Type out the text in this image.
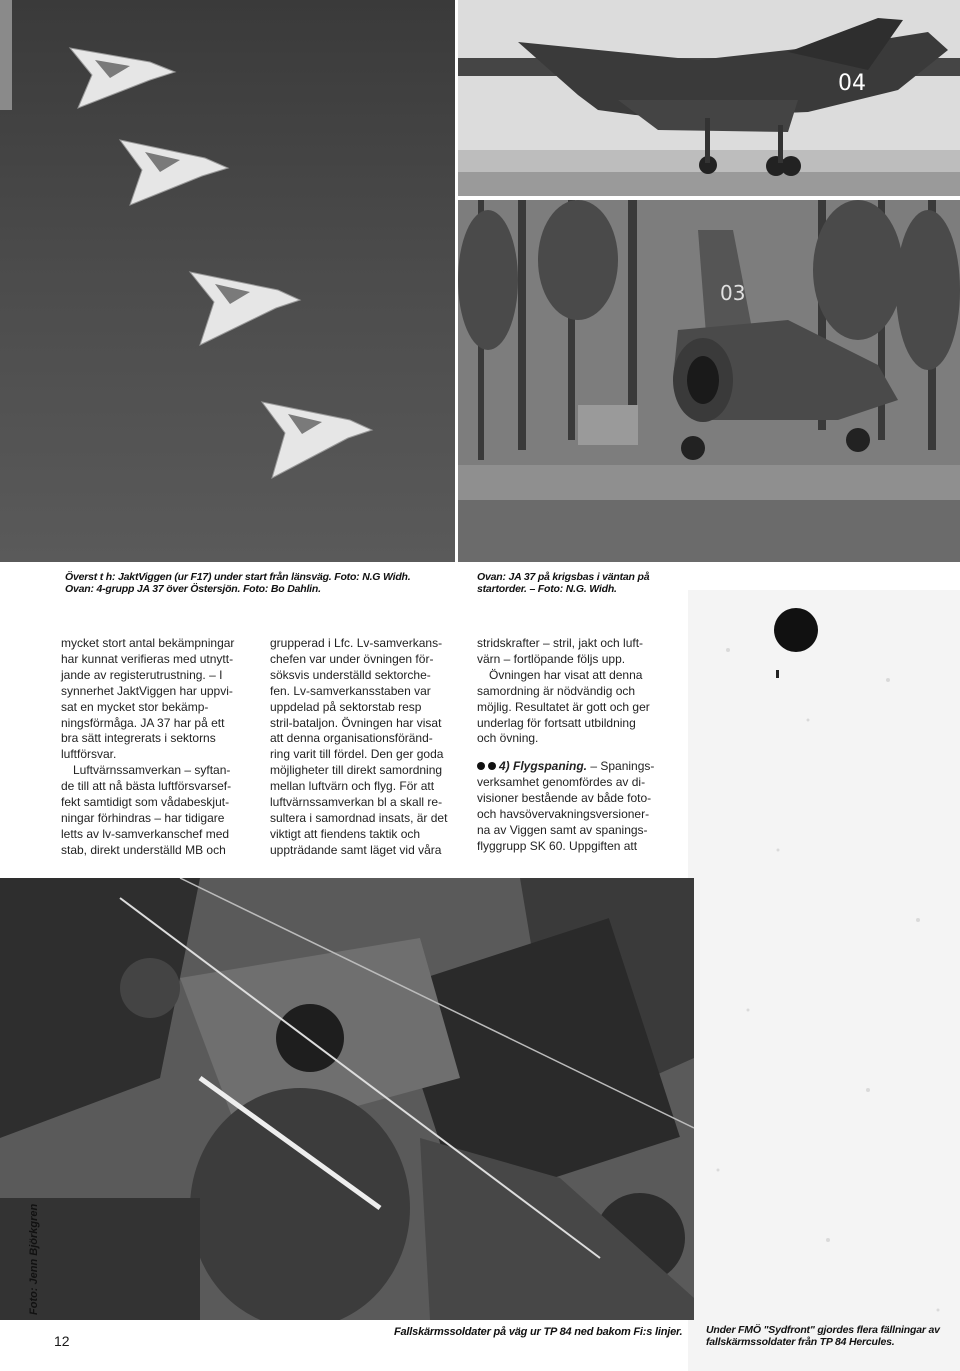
04
03
Överst t h: JaktViggen (ur F17) under start från länsväg. Foto: N.G Widh.
Ovan: 4-grupp JA 37 över Östersjön. Foto: Bo Dahlin.
Ovan: JA 37 på krigsbas i väntan på
startorder. – Foto: N.G. Widh.

mycket stort antal bekämpningar
har kunnat verifieras med utnytt-
jande av registerutrustning. – I
synnerhet JaktViggen har uppvi-
sat en mycket stor bekämp-
ningsförmåga. JA 37 har på ett
bra sätt integrerats i sektorns
luftförsvar.

Luftvärnssamverkan – syftan-
de till att nå bästa luftförsvarsef-
fekt samtidigt som vådabeskjut-
ningar förhindras – har tidigare
letts av lv-samverkanschef med
stab, direkt underställd MB och

grupperad i Lfc. Lv-samverkans-
chefen var under övningen för-
söksvis underställd sektorche-
fen. Lv-samverkansstaben var
uppdelad på sektorstab resp
stril-bataljon. Övningen har visat
att denna organisationsföränd-
ring varit till fördel. Den ger goda
möjligheter till direkt samordning
mellan luftvärn och flyg. För att
luftvärnssamverkan bl a skall re-
sultera i samordnad insats, är det
viktigt att fiendens taktik och
uppträdande samt läget vid våra

stridskrafter – stril, jakt och luft-
värn – fortlöpande följs upp.

Övningen har visat att denna
samordning är nödvändig och
möjlig. Resultatet är gott och ger
underlag för fortsatt utbildning
och övning.

4) Flygspaning. – Spanings-

verksamhet genomfördes av di-
visioner bestående av både foto-
och havsövervakningsversioner-
na av Viggen samt av spanings-
flyggrupp SK 60. Uppgiften att

Foto: Jenn Björkgren
12
Fallskärmssoldater på väg ur TP 84 ned bakom Fi:s linjer.	Under FMÖ "Sydfront" gjordes flera fällningar av
fallskärmssoldater från TP 84 Hercules.
